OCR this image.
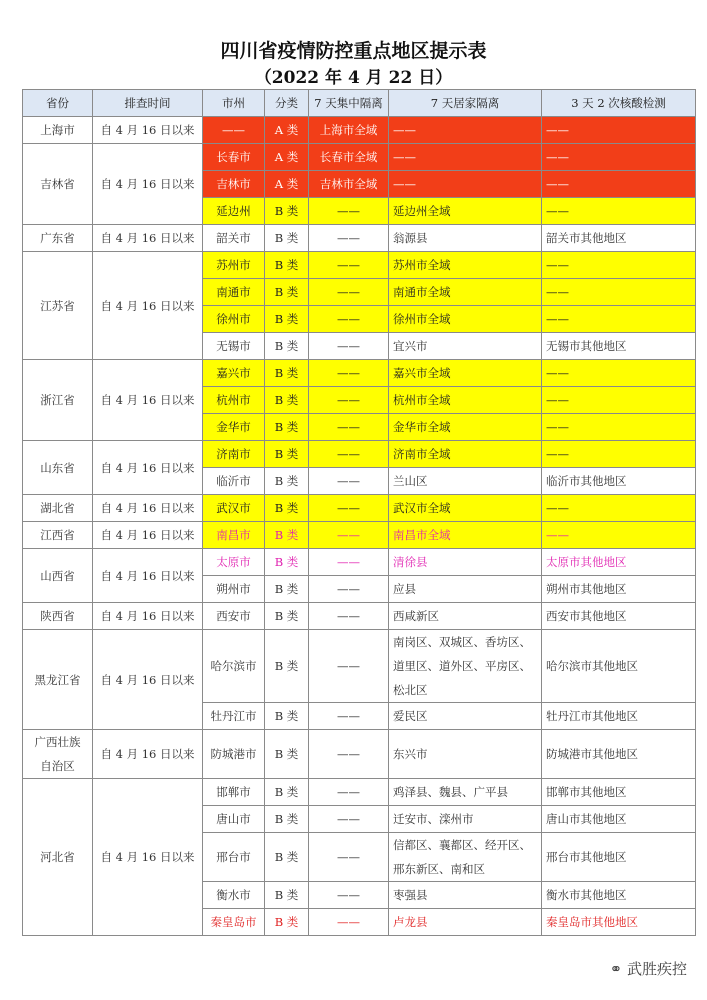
四川省疫情防控重点地区提示表
（2022 年 4 月 22 日）
省份	排查时间	市州	分类	7 天集中隔离	7 天居家隔离	3 天 2 次核酸检测
上海市	自 4 月 16 日以来	——	A 类	上海市全域	——	——
吉林省	自 4 月 16 日以来	长春市	A 类	长春市全域	——	——
		吉林市	A 类	吉林市全域	——	——
		延边州	B 类	——	延边州全域	——
广东省	自 4 月 16 日以来	韶关市	B 类	——	翁源县	韶关市其他地区
江苏省	自 4 月 16 日以来	苏州市	B 类	——	苏州市全域	——
		南通市	B 类	——	南通市全域	——
		徐州市	B 类	——	徐州市全域	——
		无锡市	B 类	——	宜兴市	无锡市其他地区
浙江省	自 4 月 16 日以来	嘉兴市	B 类	——	嘉兴市全域	——
		杭州市	B 类	——	杭州市全域	——
		金华市	B 类	——	金华市全域	——
山东省	自 4 月 16 日以来	济南市	B 类	——	济南市全域	——
		临沂市	B 类	——	兰山区	临沂市其他地区
湖北省	自 4 月 16 日以来	武汉市	B 类	——	武汉市全域	——
江西省	自 4 月 16 日以来	南昌市	B 类	——	南昌市全域	——
山西省	自 4 月 16 日以来	太原市	B 类	——	清徐县	太原市其他地区
		朔州市	B 类	——	应县	朔州市其他地区
陕西省	自 4 月 16 日以来	西安市	B 类	——	西咸新区	西安市其他地区
黑龙江省	自 4 月 16 日以来	哈尔滨市	B 类	——	南岗区、双城区、香坊区、
道里区、道外区、平房区、
松北区	哈尔滨市其他地区
		牡丹江市	B 类	——	爱民区	牡丹江市其他地区

广西壮族
自治区	自 4 月 16 日以来	防城港市	B 类	——	东兴市	防城港市其他地区
河北省	自 4 月 16 日以来	邯郸市	B 类	——	鸡泽县、魏县、广平县	邯郸市其他地区
		唐山市	B 类	——	迁安市、滦州市	唐山市其他地区
		邢台市	B 类	——	信都区、襄都区、经开区、
邢东新区、南和区	邢台市其他地区
		衡水市	B 类	——	枣强县	衡水市其他地区
		秦皇岛市	B 类	——	卢龙县	秦皇岛市其他地区
⚭ 武胜疾控
